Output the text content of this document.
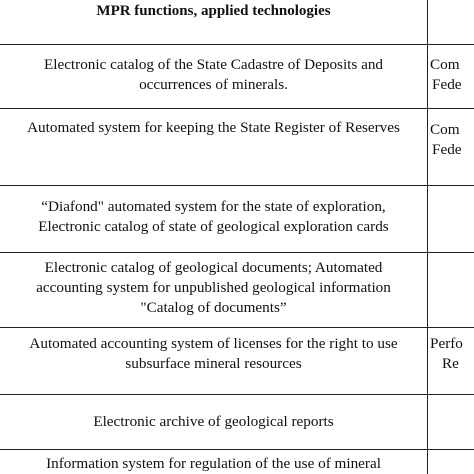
MPR functions, applied technologies
Electronic catalog of the State Cadastre of Deposits and
occurrences of minerals.
Com
Fede
Automated system for keeping the State Register of Reserves Com
Fede
“Diafond" automated system for the state of exploration,
Electronic catalog of state of geological exploration cards
Electronic catalog of geological documents; Automated
accounting system for unpublished geological information
"Catalog of documents”
Automated accounting system of licenses for the right to use
subsurface mineral resources
Perfo
Re
Electronic archive of geological reports
Information system for regulation of the use of mineral
